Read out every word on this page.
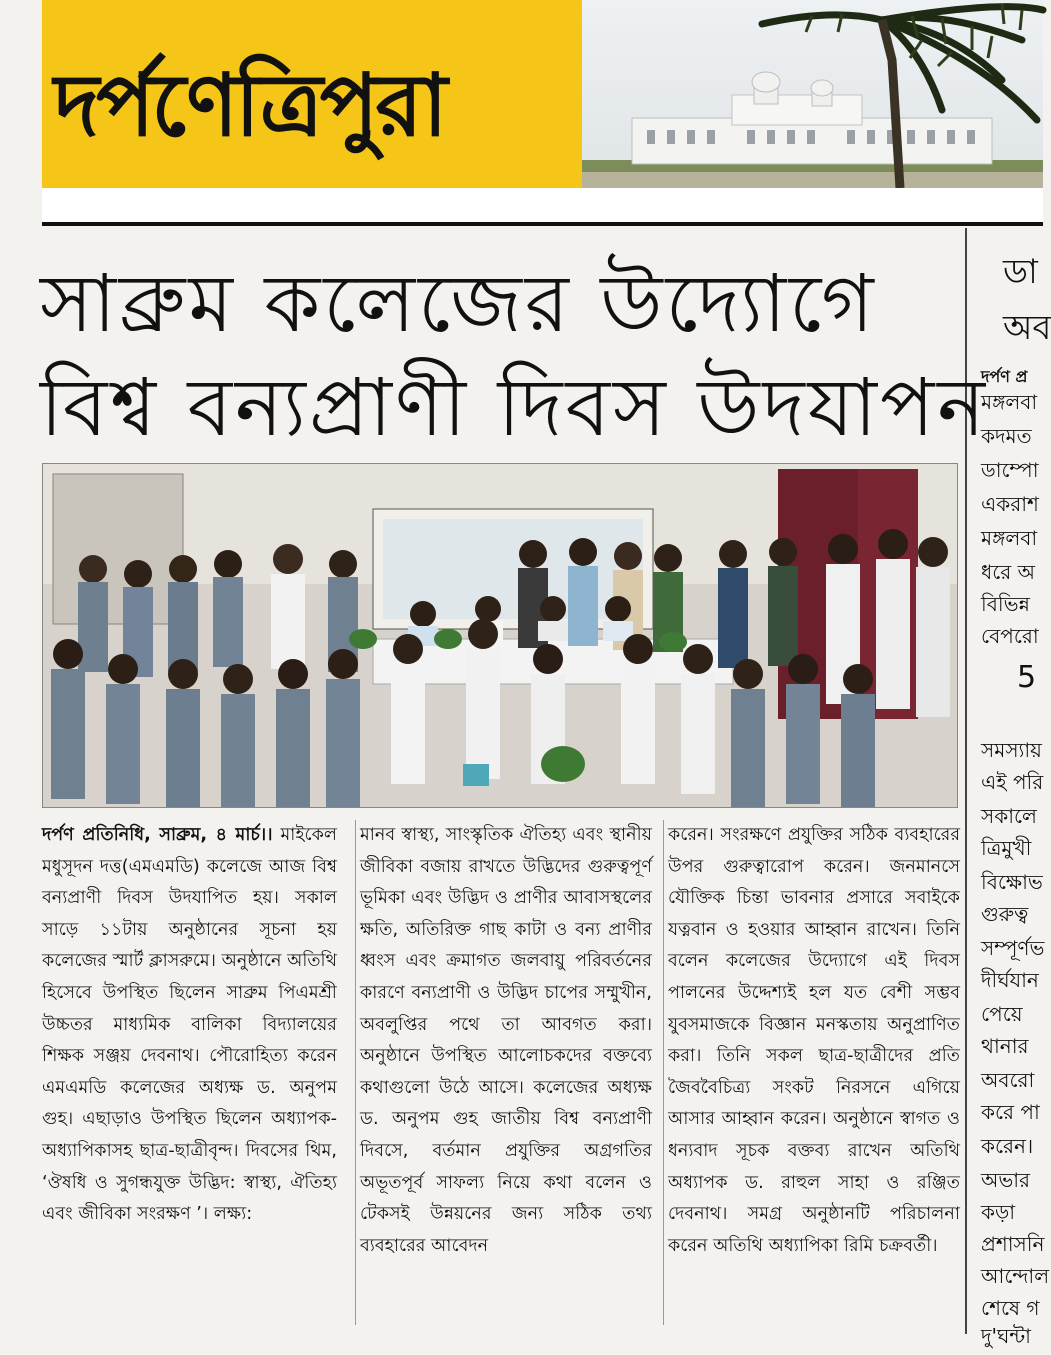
দর্পণেত্রিপুরা
ডা
অব
দর্পণ প্র
মঙ্গলবা
কদমত
ডাম্পাে
একরাশ
মঙ্গলবা
ধরে অ
বিভিন্ন
বেপরো
5
সমস্যায়
এই পরি
সকালে
ত্রিমুখী
বিক্ষোভ
গুরুত্ব
সম্পূর্ণভ
দীর্ঘযান
পেয়ে
থানার
অবরো
করে পা
করেন।
অভার
কড়া
প্রশাসনি
আন্দোল
শেষে গ
দু'ঘন্টা
সাব্রুম কলেজের উদ্যোগে
বিশ্ব বন্যপ্রাণী দিবস উদযাপন
দর্পণ প্রতিনিধি, সাব্রুম, ৪ মার্চ।। মাইকেল মধুসূদন দত্ত(এমএমডি) কলেজে আজ বিশ্ব বন্যপ্রাণী দিবস উদযাপিত হয়। সকাল সাড়ে ১১টায় অনুষ্ঠানের সূচনা হয় কলেজের স্মার্ট ক্লাসরুমে। অনুষ্ঠানে অতিথি হিসেবে উপস্থিত ছিলেন সাব্রুম পিএমশ্রী উচ্চতর মাধ্যমিক বালিকা বিদ্যালয়ের শিক্ষক সঞ্জয় দেবনাথ। পৌরোহিত্য করেন এমএমডি কলেজের অধ্যক্ষ ড. অনুপম গুহ। এছাড়াও উপস্থিত ছিলেন অধ্যাপক-অধ্যাপিকাসহ ছাত্র-ছাত্রীবৃন্দ। দিবসের থিম, ‘ঔষধি ও সুগন্ধযুক্ত উদ্ভিদ: স্বাস্থ্য, ঐতিহ্য এবং জীবিকা সংরক্ষণ ’। লক্ষ্য:
মানব স্বাস্থ্য, সাংস্কৃতিক ঐতিহ্য এবং স্থানীয় জীবিকা বজায় রাখতে উদ্ভিদের গুরুত্বপূর্ণ ভূমিকা এবং উদ্ভিদ ও প্রাণীর আবাসস্থলের ক্ষতি, অতিরিক্ত গাছ কাটা ও বন্য প্রাণীর ধ্বংস এবং ক্রমাগত জলবায়ু পরিবর্তনের কারণে বন্যপ্রাণী ও উদ্ভিদ চাপের সম্মুখীন, অবলুপ্তির পথে তা আবগত করা। অনুষ্ঠানে উপস্থিত আলোচকদের বক্তব্যে কথাগুলো উঠে আসে। কলেজের অধ্যক্ষ ড. অনুপম গুহ জাতীয় বিশ্ব বন্যপ্রাণী দিবসে, বর্তমান প্রযুক্তির অগ্রগতির অভূতপূর্ব সাফল্য নিয়ে কথা বলেন ও টেকসই উন্নয়নের জন্য সঠিক তথ্য ব্যবহারের আবেদন
করেন। সংরক্ষণে প্রযুক্তির সঠিক ব্যবহারের উপর গুরুত্বারোপ করেন। জনমানসে যৌক্তিক চিন্তা ভাবনার প্রসারে সবাইকে যত্নবান ও হওয়ার আহ্বান রাখেন। তিনি বলেন কলেজের উদ্যোগে এই দিবস পালনের উদ্দেশ্যই হল যত বেশী সম্ভব যুবসমাজকে বিজ্ঞান মনস্কতায় অনুপ্রাণিত করা। তিনি সকল ছাত্র-ছাত্রীদের প্রতি জৈববৈচিত্র্য সংকট নিরসনে এগিয়ে আসার আহ্বান করেন। অনুষ্ঠানে স্বাগত ও ধন্যবাদ সূচক বক্তব্য রাখেন অতিথি অধ্যাপক ড. রাহুল সাহা ও রঞ্জিত দেবনাথ। সমগ্র অনুষ্ঠানটি পরিচালনা করেন অতিথি অধ্যাপিকা রিমি চক্রবর্তী।
